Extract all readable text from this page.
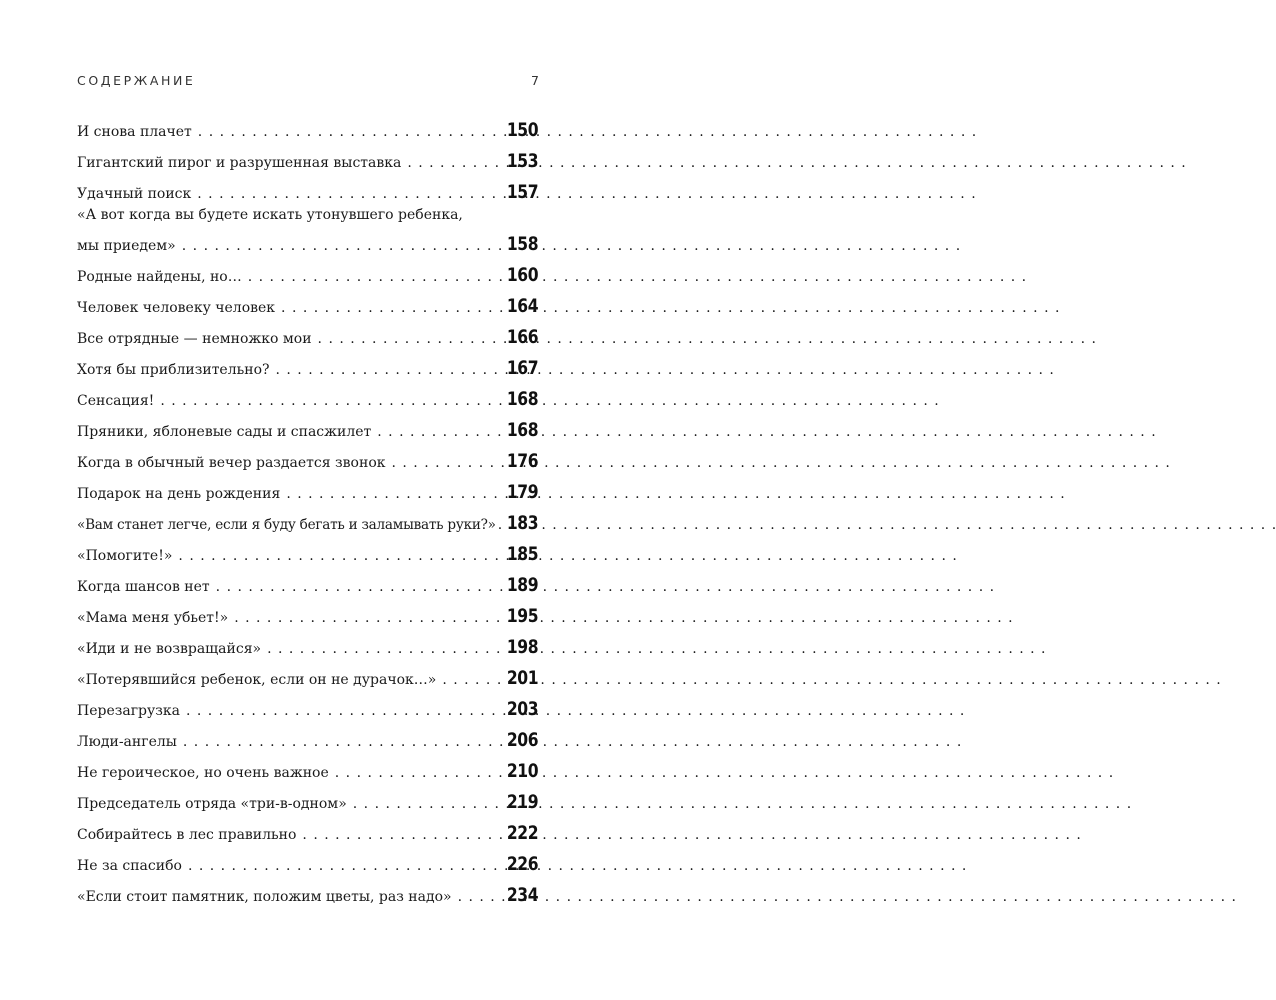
СОДЕРЖАНИЕ	7
И снова плачет . . .	150
Гигантский пирог и разрушенная выставка . . .	153
Удачный поиск . . .	157
«А вот когда вы будете искать утонувшего ребенка,
мы приедем» . . .	158
Родные найдены, но… . . .	160
Человек человеку человек . . .	164
Все отрядные — немножко мои . . .	166
Хотя бы приблизительно? . . .	167
Сенсация! . . .	168
Пряники, яблоневые сады и спасжилет . . .	168
Когда в обычный вечер раздается звонок . . .	176
Подарок на день рождения . . .	179
«Вам станет легче, если я буду бегать и заламывать руки?» . . . 183
«Помогите!» . . .	185
Когда шансов нет . . .	189
«Мама меня убьет!» . . .	195
«Иди и не возвращайся» . . .	198
«Потерявшийся ребенок, если он не дурачок…» . . .	201
Перезагрузка . . .	203
Люди-ангелы . . .	206
Не героическое, но очень важное . . .	210
Председатель отряда «три-в-одном» . . .	219
Собирайтесь в лес правильно . . .	222
Не за спасибо . . .	226
«Если стоит памятник, положим цветы, раз надо» . . .	234
